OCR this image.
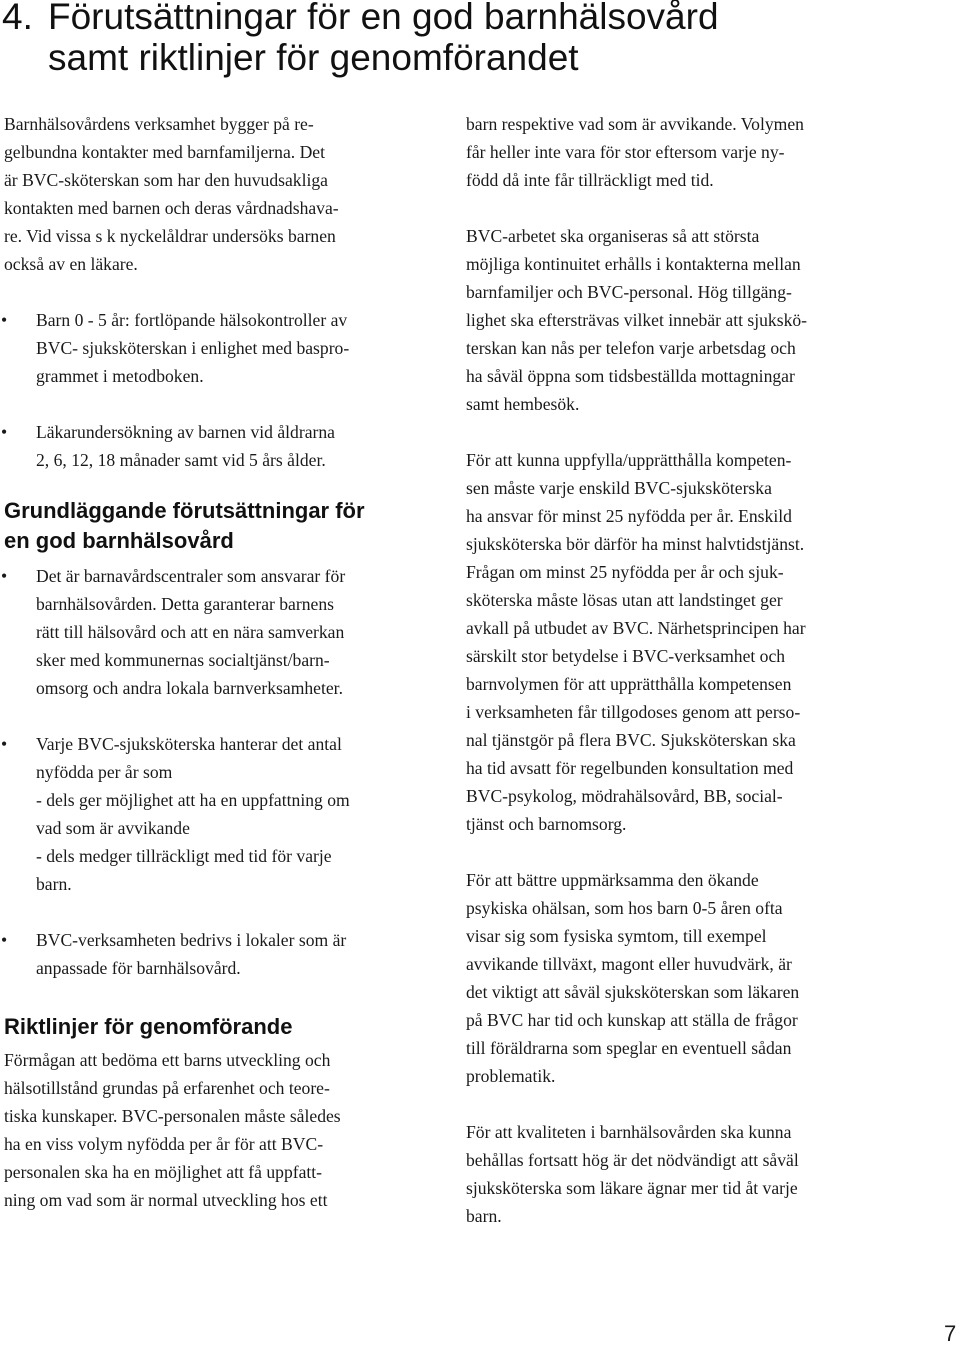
4. Förutsättningar för en god barnhälsovård
samt riktlinjer för genomförandet

Barnhälsovårdens verksamhet bygger på re-
gelbundna kontakter med barnfamiljerna. Det
är BVC-sköterskan som har den huvudsakliga
kontakten med barnen och deras vårdnadshava-
re. Vid vissa s k nyckelåldrar undersöks barnen
också av en läkare.

• Barn 0 - 5 år: fortlöpande hälsokontroller av
BVC- sjuksköterskan i enlighet med baspro-
grammet i metodboken.
• Läkarundersökning av barnen vid åldrarna
2, 6, 12, 18 månader samt vid 5 års ålder.
Grundläggande förutsättningar för
en god barnhälsovård
• Det är barnavårdscentraler som ansvarar för
barnhälsovården. Detta garanterar barnens
rätt till hälsovård och att en nära samverkan
sker med kommunernas socialtjänst/barn-
omsorg och andra lokala barnverksamheter.
• Varje BVC-sjuksköterska hanterar det antal
nyfödda per år som
- dels ger möjlighet att ha en uppfattning om
vad som är avvikande
- dels medger tillräckligt med tid för varje
barn.
• BVC-verksamheten bedrivs i lokaler som är
anpassade för barnhälsovård.
Riktlinjer för genomförande

Förmågan att bedöma ett barns utveckling och
hälsotillstånd grundas på erfarenhet och teore-
tiska kunskaper. BVC-personalen måste således
ha en viss volym nyfödda per år för att BVC-
personalen ska ha en möjlighet att få uppfatt-
ning om vad som är normal utveckling hos ett

barn respektive vad som är avvikande. Volymen
får heller inte vara för stor eftersom varje ny-
född då inte får tillräckligt med tid.

BVC-arbetet ska organiseras så att största
möjliga kontinuitet erhålls i kontakterna mellan
barnfamiljer och BVC-personal. Hög tillgäng-
lighet ska eftersträvas vilket innebär att sjukskö-
terskan kan nås per telefon varje arbetsdag och
ha såväl öppna som tidsbeställda mottagningar
samt hembesök.

För att kunna uppfylla/upprätthålla kompeten-
sen måste varje enskild BVC-sjuksköterska
ha ansvar för minst 25 nyfödda per år. Enskild
sjuksköterska bör därför ha minst halvtidstjänst.
Frågan om minst 25 nyfödda per år och sjuk-
sköterska måste lösas utan att landstinget ger
avkall på utbudet av BVC. Närhetsprincipen har
särskilt stor betydelse i BVC-verksamhet och
barnvolymen för att upprätthålla kompetensen
i verksamheten får tillgodoses genom att perso-
nal tjänstgör på flera BVC. Sjuksköterskan ska
ha tid avsatt för regelbunden konsultation med
BVC-psykolog, mödrahälsovård, BB, social-
tjänst och barnomsorg.

För att bättre uppmärksamma den ökande
psykiska ohälsan, som hos barn 0-5 åren ofta
visar sig som fysiska symtom, till exempel
avvikande tillväxt, magont eller huvudvärk, är
det viktigt att såväl sjuksköterskan som läkaren
på BVC har tid och kunskap att ställa de frågor
till föräldrarna som speglar en eventuell sådan
problematik.

För att kvaliteten i barnhälsovården ska kunna
behållas fortsatt hög är det nödvändigt att såväl
sjuksköterska som läkare ägnar mer tid åt varje
barn.

7
